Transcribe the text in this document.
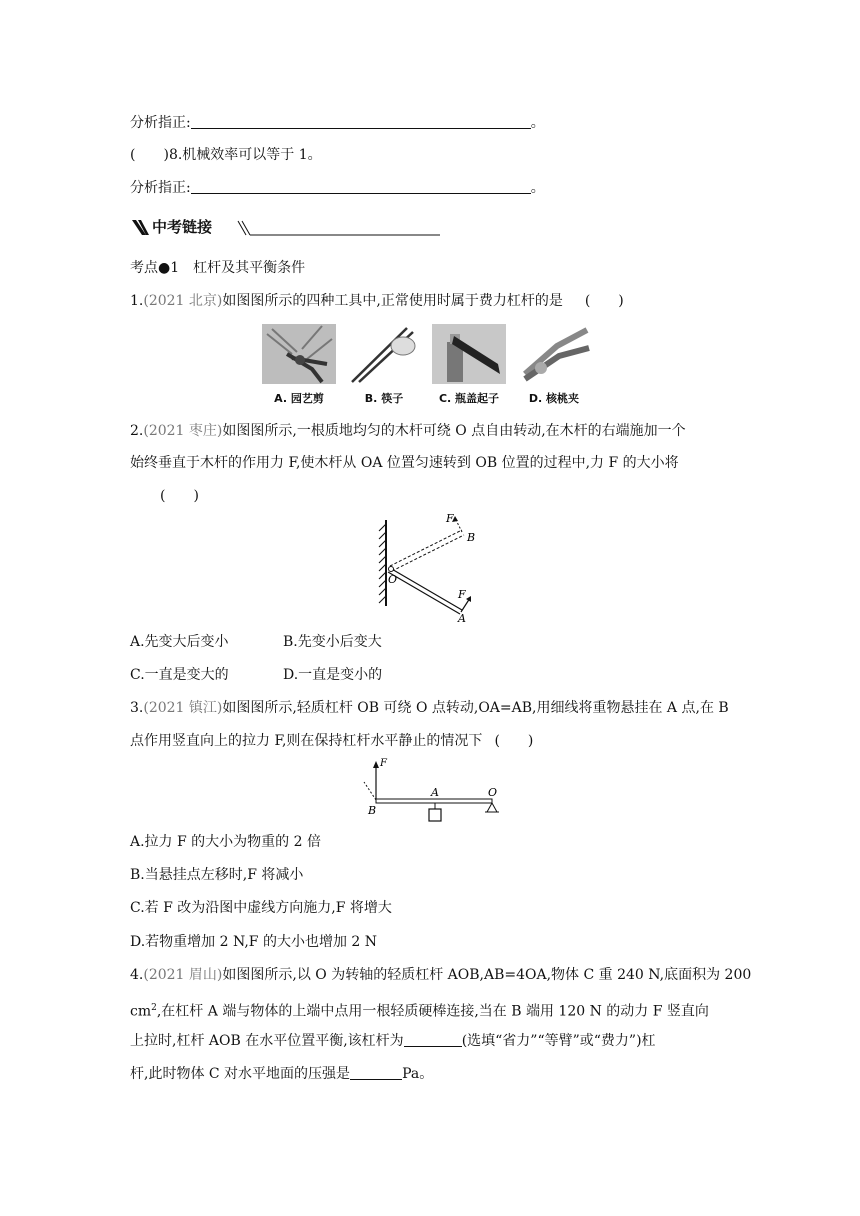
分析指正:	。
(　　)8.机械效率可以等于 1。
分析指正:	。
中考链接
考点●1　杠杆及其平衡条件
1.(2021 北京)如图图所示的四种工具中,正常使用时属于费力杠杆的是 (　　)
A. 园艺剪	B. 筷子	C. 瓶盖起子	D. 核桃夹
2.(2021 枣庄)如图图所示,一根质地均匀的木杆可绕 O 点自由转动,在木杆的右端施加一个
始终垂直于木杆的作用力 F,使木杆从 OA 位置匀速转到 OB 位置的过程中,力 F 的大小将
(　　)
F
B
O
F
A
A.先变大后变小	B.先变小后变大
C.一直是变大的	D.一直是变小的
3.(2021 镇江)如图图所示,轻质杠杆 OB 可绕 O 点转动,OA=AB,用细线将重物悬挂在 A 点,在 B
点作用竖直向上的拉力 F,则在保持杠杆水平静止的情况下 (　　)
F
B
A	O
A.拉力 F 的大小为物重的 2 倍
B.当悬挂点左移时,F 将减小
C.若 F 改为沿图中虚线方向施力,F 将增大
D.若物重增加 2 N,F 的大小也增加 2 N
4.(2021 眉山)如图图所示,以 O 为转轴的轻质杠杆 AOB,AB=4OA,物体 C 重 240 N,底面积为 200
$cm^2$,在杠杆 A 端与物体的上端中点用一根轻质硬棒连接,当在 B 端用 120 N 的动力 F 竖直向
上拉时,杠杆 AOB 在水平位置平衡,该杠杆为	(选填“省力”“等臂”或“费力”)杠
杆,此时物体 C 对水平地面的压强是	Pa。
